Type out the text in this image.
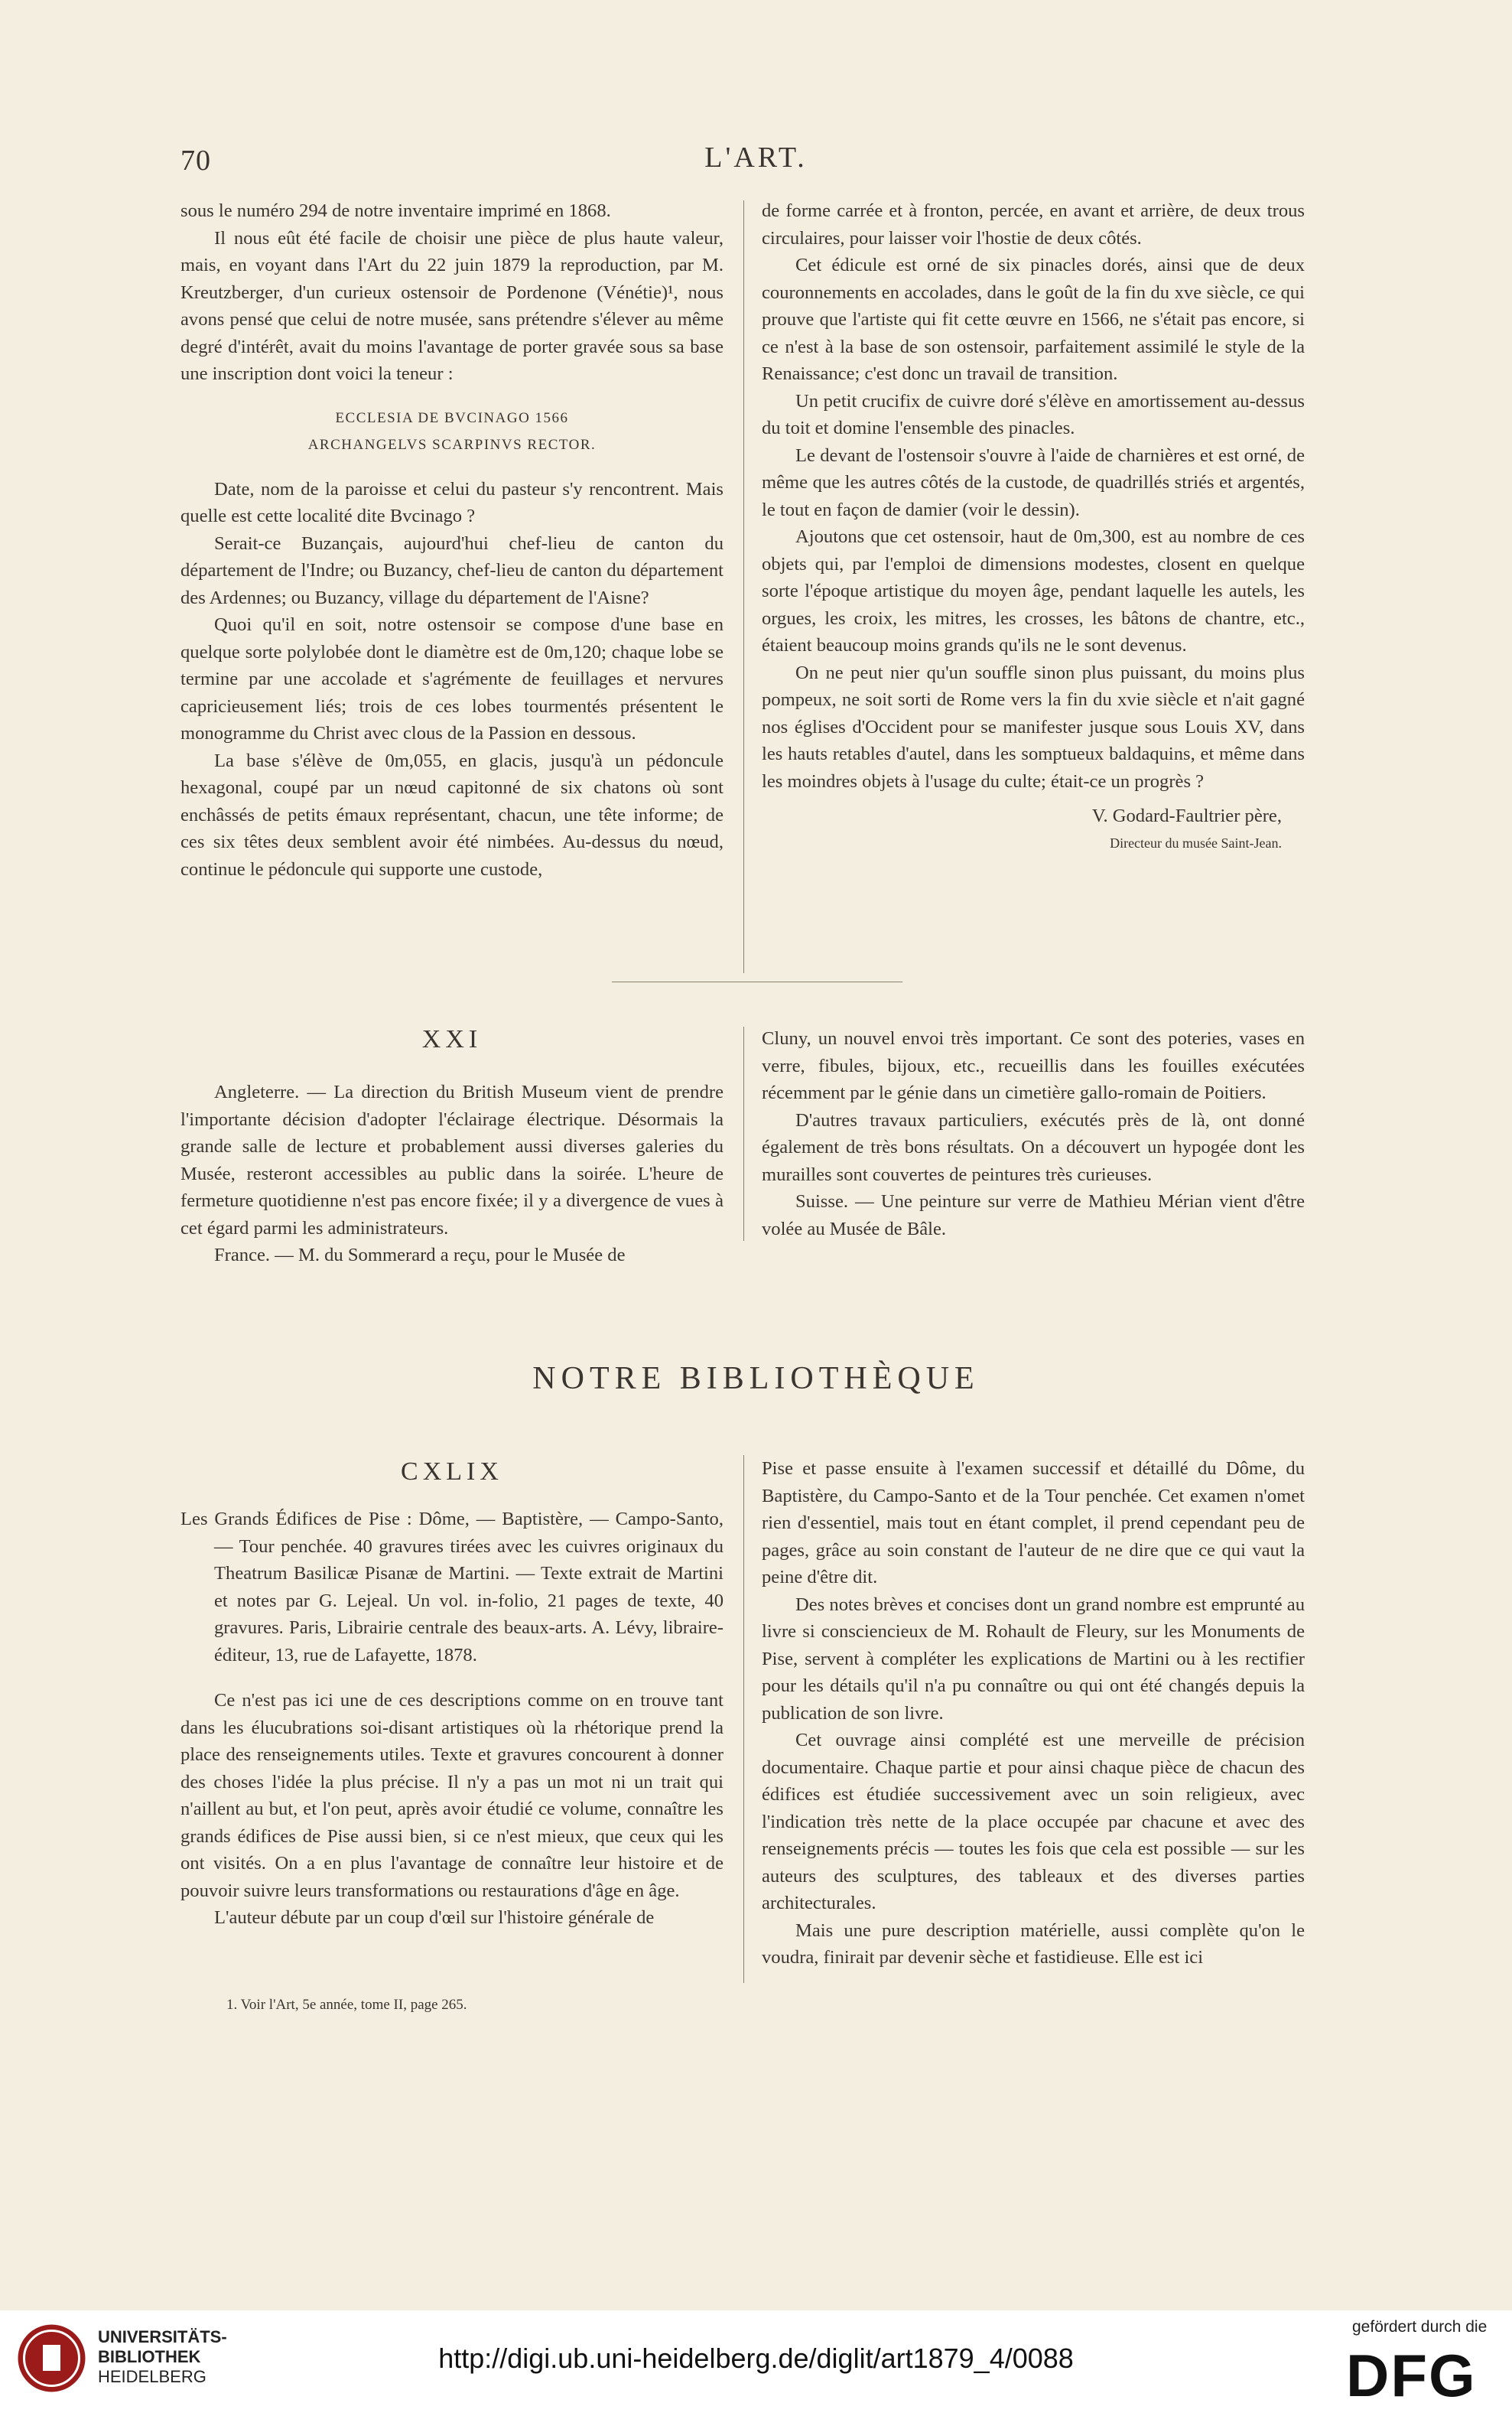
70	L'ART.

sous le numéro 294 de notre inventaire imprimé en 1868.

Il nous eût été facile de choisir une pièce de plus haute valeur, mais, en voyant dans l'Art du 22 juin 1879 la reproduction, par M. Kreutzberger, d'un curieux ostensoir de Pordenone (Vénétie)¹, nous avons pensé que celui de notre musée, sans prétendre s'élever au même degré d'intérêt, avait du moins l'avantage de porter gravée sous sa base une inscription dont voici la teneur :

ECCLESIA DE BVCINAGO 1566

ARCHANGELVS SCARPINVS RECTOR.

Date, nom de la paroisse et celui du pasteur s'y rencontrent. Mais quelle est cette localité dite Bvcinago ?

Serait-ce Buzançais, aujourd'hui chef-lieu de canton du département de l'Indre; ou Buzancy, chef-lieu de canton du département des Ardennes; ou Buzancy, village du département de l'Aisne?

Quoi qu'il en soit, notre ostensoir se compose d'une base en quelque sorte polylobée dont le diamètre est de 0m,120; chaque lobe se termine par une accolade et s'agrémente de feuillages et nervures capricieusement liés; trois de ces lobes tourmentés présentent le monogramme du Christ avec clous de la Passion en dessous.

La base s'élève de 0m,055, en glacis, jusqu'à un pédoncule hexagonal, coupé par un nœud capitonné de six chatons où sont enchâssés de petits émaux représentant, chacun, une tête informe; de ces six têtes deux semblent avoir été nimbées. Au-dessus du nœud, continue le pédoncule qui supporte une custode,

de forme carrée et à fronton, percée, en avant et arrière, de deux trous circulaires, pour laisser voir l'hostie de deux côtés.

Cet édicule est orné de six pinacles dorés, ainsi que de deux couronnements en accolades, dans le goût de la fin du xve siècle, ce qui prouve que l'artiste qui fit cette œuvre en 1566, ne s'était pas encore, si ce n'est à la base de son ostensoir, parfaitement assimilé le style de la Renaissance; c'est donc un travail de transition.

Un petit crucifix de cuivre doré s'élève en amortissement au-dessus du toit et domine l'ensemble des pinacles.

Le devant de l'ostensoir s'ouvre à l'aide de charnières et est orné, de même que les autres côtés de la custode, de quadrillés striés et argentés, le tout en façon de damier (voir le dessin).

Ajoutons que cet ostensoir, haut de 0m,300, est au nombre de ces objets qui, par l'emploi de dimensions modestes, closent en quelque sorte l'époque artistique du moyen âge, pendant laquelle les autels, les orgues, les croix, les mitres, les crosses, les bâtons de chantre, etc., étaient beaucoup moins grands qu'ils ne le sont devenus.

On ne peut nier qu'un souffle sinon plus puissant, du moins plus pompeux, ne soit sorti de Rome vers la fin du xvie siècle et n'ait gagné nos églises d'Occident pour se manifester jusque sous Louis XV, dans les hauts retables d'autel, dans les somptueux baldaquins, et même dans les moindres objets à l'usage du culte; était-ce un progrès ?

V. Godard-Faultrier père,

Directeur du musée Saint-Jean.

XXI

Angleterre. — La direction du British Museum vient de prendre l'importante décision d'adopter l'éclairage électrique. Désormais la grande salle de lecture et probablement aussi diverses galeries du Musée, resteront accessibles au public dans la soirée. L'heure de fermeture quotidienne n'est pas encore fixée; il y a divergence de vues à cet égard parmi les administrateurs.

France. — M. du Sommerard a reçu, pour le Musée de

Cluny, un nouvel envoi très important. Ce sont des poteries, vases en verre, fibules, bijoux, etc., recueillis dans les fouilles exécutées récemment par le génie dans un cimetière gallo-romain de Poitiers.

D'autres travaux particuliers, exécutés près de là, ont donné également de très bons résultats. On a découvert un hypogée dont les murailles sont couvertes de peintures très curieuses.

Suisse. — Une peinture sur verre de Mathieu Mérian vient d'être volée au Musée de Bâle.

NOTRE BIBLIOTHÈQUE
CXLIX

Les Grands Édifices de Pise : Dôme, — Baptistère, — Campo-Santo, — Tour penchée. 40 gravures tirées avec les cuivres originaux du Theatrum Basilicæ Pisanæ de Martini. — Texte extrait de Martini et notes par G. Lejeal. Un vol. in-folio, 21 pages de texte, 40 gravures. Paris, Librairie centrale des beaux-arts. A. Lévy, libraire-éditeur, 13, rue de Lafayette, 1878.

Ce n'est pas ici une de ces descriptions comme on en trouve tant dans les élucubrations soi-disant artistiques où la rhétorique prend la place des renseignements utiles. Texte et gravures concourent à donner des choses l'idée la plus précise. Il n'y a pas un mot ni un trait qui n'aillent au but, et l'on peut, après avoir étudié ce volume, connaître les grands édifices de Pise aussi bien, si ce n'est mieux, que ceux qui les ont visités. On a en plus l'avantage de connaître leur histoire et de pouvoir suivre leurs transformations ou restaurations d'âge en âge.

L'auteur débute par un coup d'œil sur l'histoire générale de

Pise et passe ensuite à l'examen successif et détaillé du Dôme, du Baptistère, du Campo-Santo et de la Tour penchée. Cet examen n'omet rien d'essentiel, mais tout en étant complet, il prend cependant peu de pages, grâce au soin constant de l'auteur de ne dire que ce qui vaut la peine d'être dit.

Des notes brèves et concises dont un grand nombre est emprunté au livre si consciencieux de M. Rohault de Fleury, sur les Monuments de Pise, servent à compléter les explications de Martini ou à les rectifier pour les détails qu'il n'a pu connaître ou qui ont été changés depuis la publication de son livre.

Cet ouvrage ainsi complété est une merveille de précision documentaire. Chaque partie et pour ainsi chaque pièce de chacun des édifices est étudiée successivement avec un soin religieux, avec l'indication très nette de la place occupée par chacune et avec des renseignements précis — toutes les fois que cela est possible — sur les auteurs des sculptures, des tableaux et des diverses parties architecturales.

Mais une pure description matérielle, aussi complète qu'on le voudra, finirait par devenir sèche et fastidieuse. Elle est ici

1. Voir l'Art, 5e année, tome II, page 265.
UNIVERSITÄTS-
BIBLIOTHEK
HEIDELBERG
http://digi.ub.uni-heidelberg.de/diglit/art1879_4/0088
gefördert durch die
DFG
